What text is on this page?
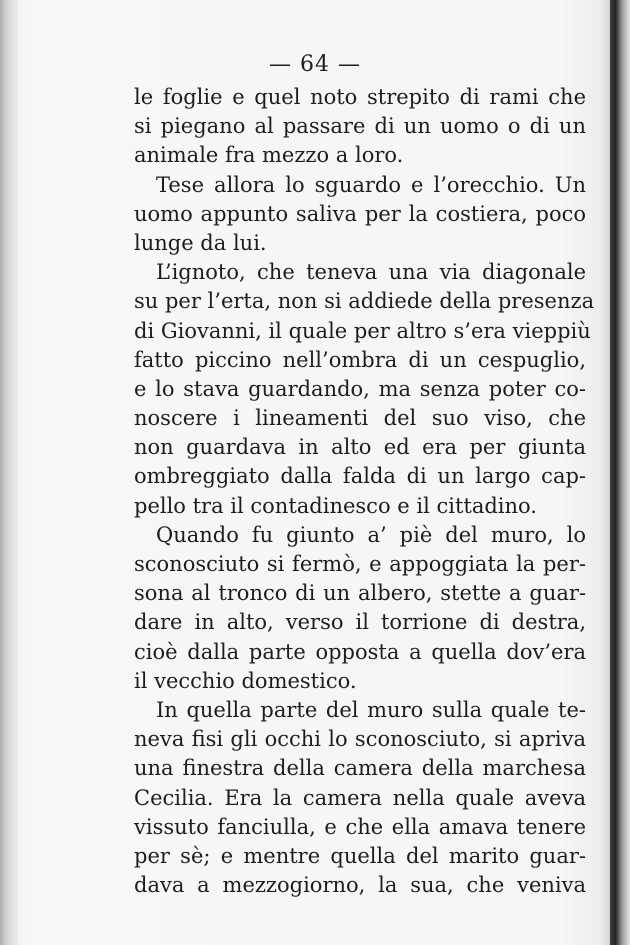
— 64 —
le foglie e quel noto strepito di rami che
si piegano al passare di un uomo o di un
animale fra mezzo a loro.
Tese allora lo sguardo e l’orecchio. Un
uomo appunto saliva per la costiera, poco
lunge da lui.
L’ignoto, che teneva una via diagonale
su per l’erta, non si addiede della presenza
di Giovanni, il quale per altro s’era vieppiù
fatto piccino nell’ombra di un cespuglio,
e lo stava guardando, ma senza poter co-
noscere i lineamenti del suo viso, che
non guardava in alto ed era per giunta
ombreggiato dalla falda di un largo cap-
pello tra il contadinesco e il cittadino.
Quando fu giunto a’ piè del muro, lo
sconosciuto si fermò, e appoggiata la per-
sona al tronco di un albero, stette a guar-
dare in alto, verso il torrione di destra,
cioè dalla parte opposta a quella dov’era
il vecchio domestico.
In quella parte del muro sulla quale te-
neva fisi gli occhi lo sconosciuto, si apriva
una finestra della camera della marchesa
Cecilia. Era la camera nella quale aveva
vissuto fanciulla, e che ella amava tenere
per sè; e mentre quella del marito guar-
dava a mezzogiorno, la sua, che veniva
